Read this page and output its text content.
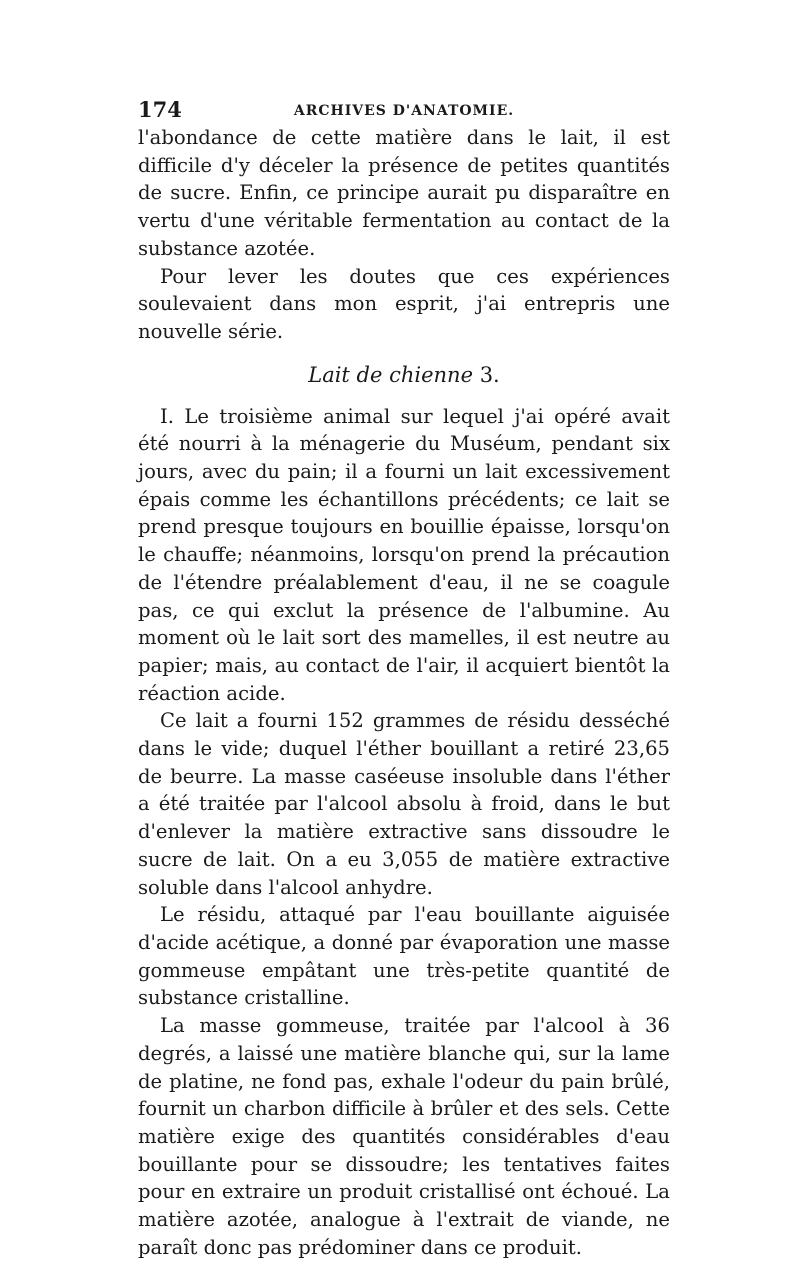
174	ARCHIVES D'ANATOMIE.

l'abondance de cette matière dans le lait, il est difficile d'y déceler la présence de petites quantités de sucre. Enfin, ce principe aurait pu disparaître en vertu d'une véritable fermentation au contact de la substance azotée.

Pour lever les doutes que ces expériences soulevaient dans mon esprit, j'ai entrepris une nouvelle série.

Lait de chienne 3.

I. Le troisième animal sur lequel j'ai opéré avait été nourri à la ménagerie du Muséum, pendant six jours, avec du pain; il a fourni un lait excessivement épais comme les échantillons précédents; ce lait se prend presque toujours en bouillie épaisse, lorsqu'on le chauffe; néanmoins, lorsqu'on prend la précaution de l'étendre préalablement d'eau, il ne se coagule pas, ce qui exclut la présence de l'albumine. Au moment où le lait sort des mamelles, il est neutre au papier; mais, au contact de l'air, il acquiert bientôt la réaction acide.

Ce lait a fourni 152 grammes de résidu desséché dans le vide; duquel l'éther bouillant a retiré 23,65 de beurre. La masse caséeuse insoluble dans l'éther a été traitée par l'alcool absolu à froid, dans le but d'enlever la matière extractive sans dissoudre le sucre de lait. On a eu 3,055 de matière extractive soluble dans l'alcool anhydre.

Le résidu, attaqué par l'eau bouillante aiguisée d'acide acétique, a donné par évaporation une masse gommeuse empâtant une très-petite quantité de substance cristalline.

La masse gommeuse, traitée par l'alcool à 36 degrés, a laissé une matière blanche qui, sur la lame de platine, ne fond pas, exhale l'odeur du pain brûlé, fournit un charbon difficile à brûler et des sels. Cette matière exige des quantités considérables d'eau bouillante pour se dissoudre; les tentatives faites pour en extraire un produit cristallisé ont échoué. La matière azotée, analogue à l'extrait de viande, ne paraît donc pas prédominer dans ce produit.
